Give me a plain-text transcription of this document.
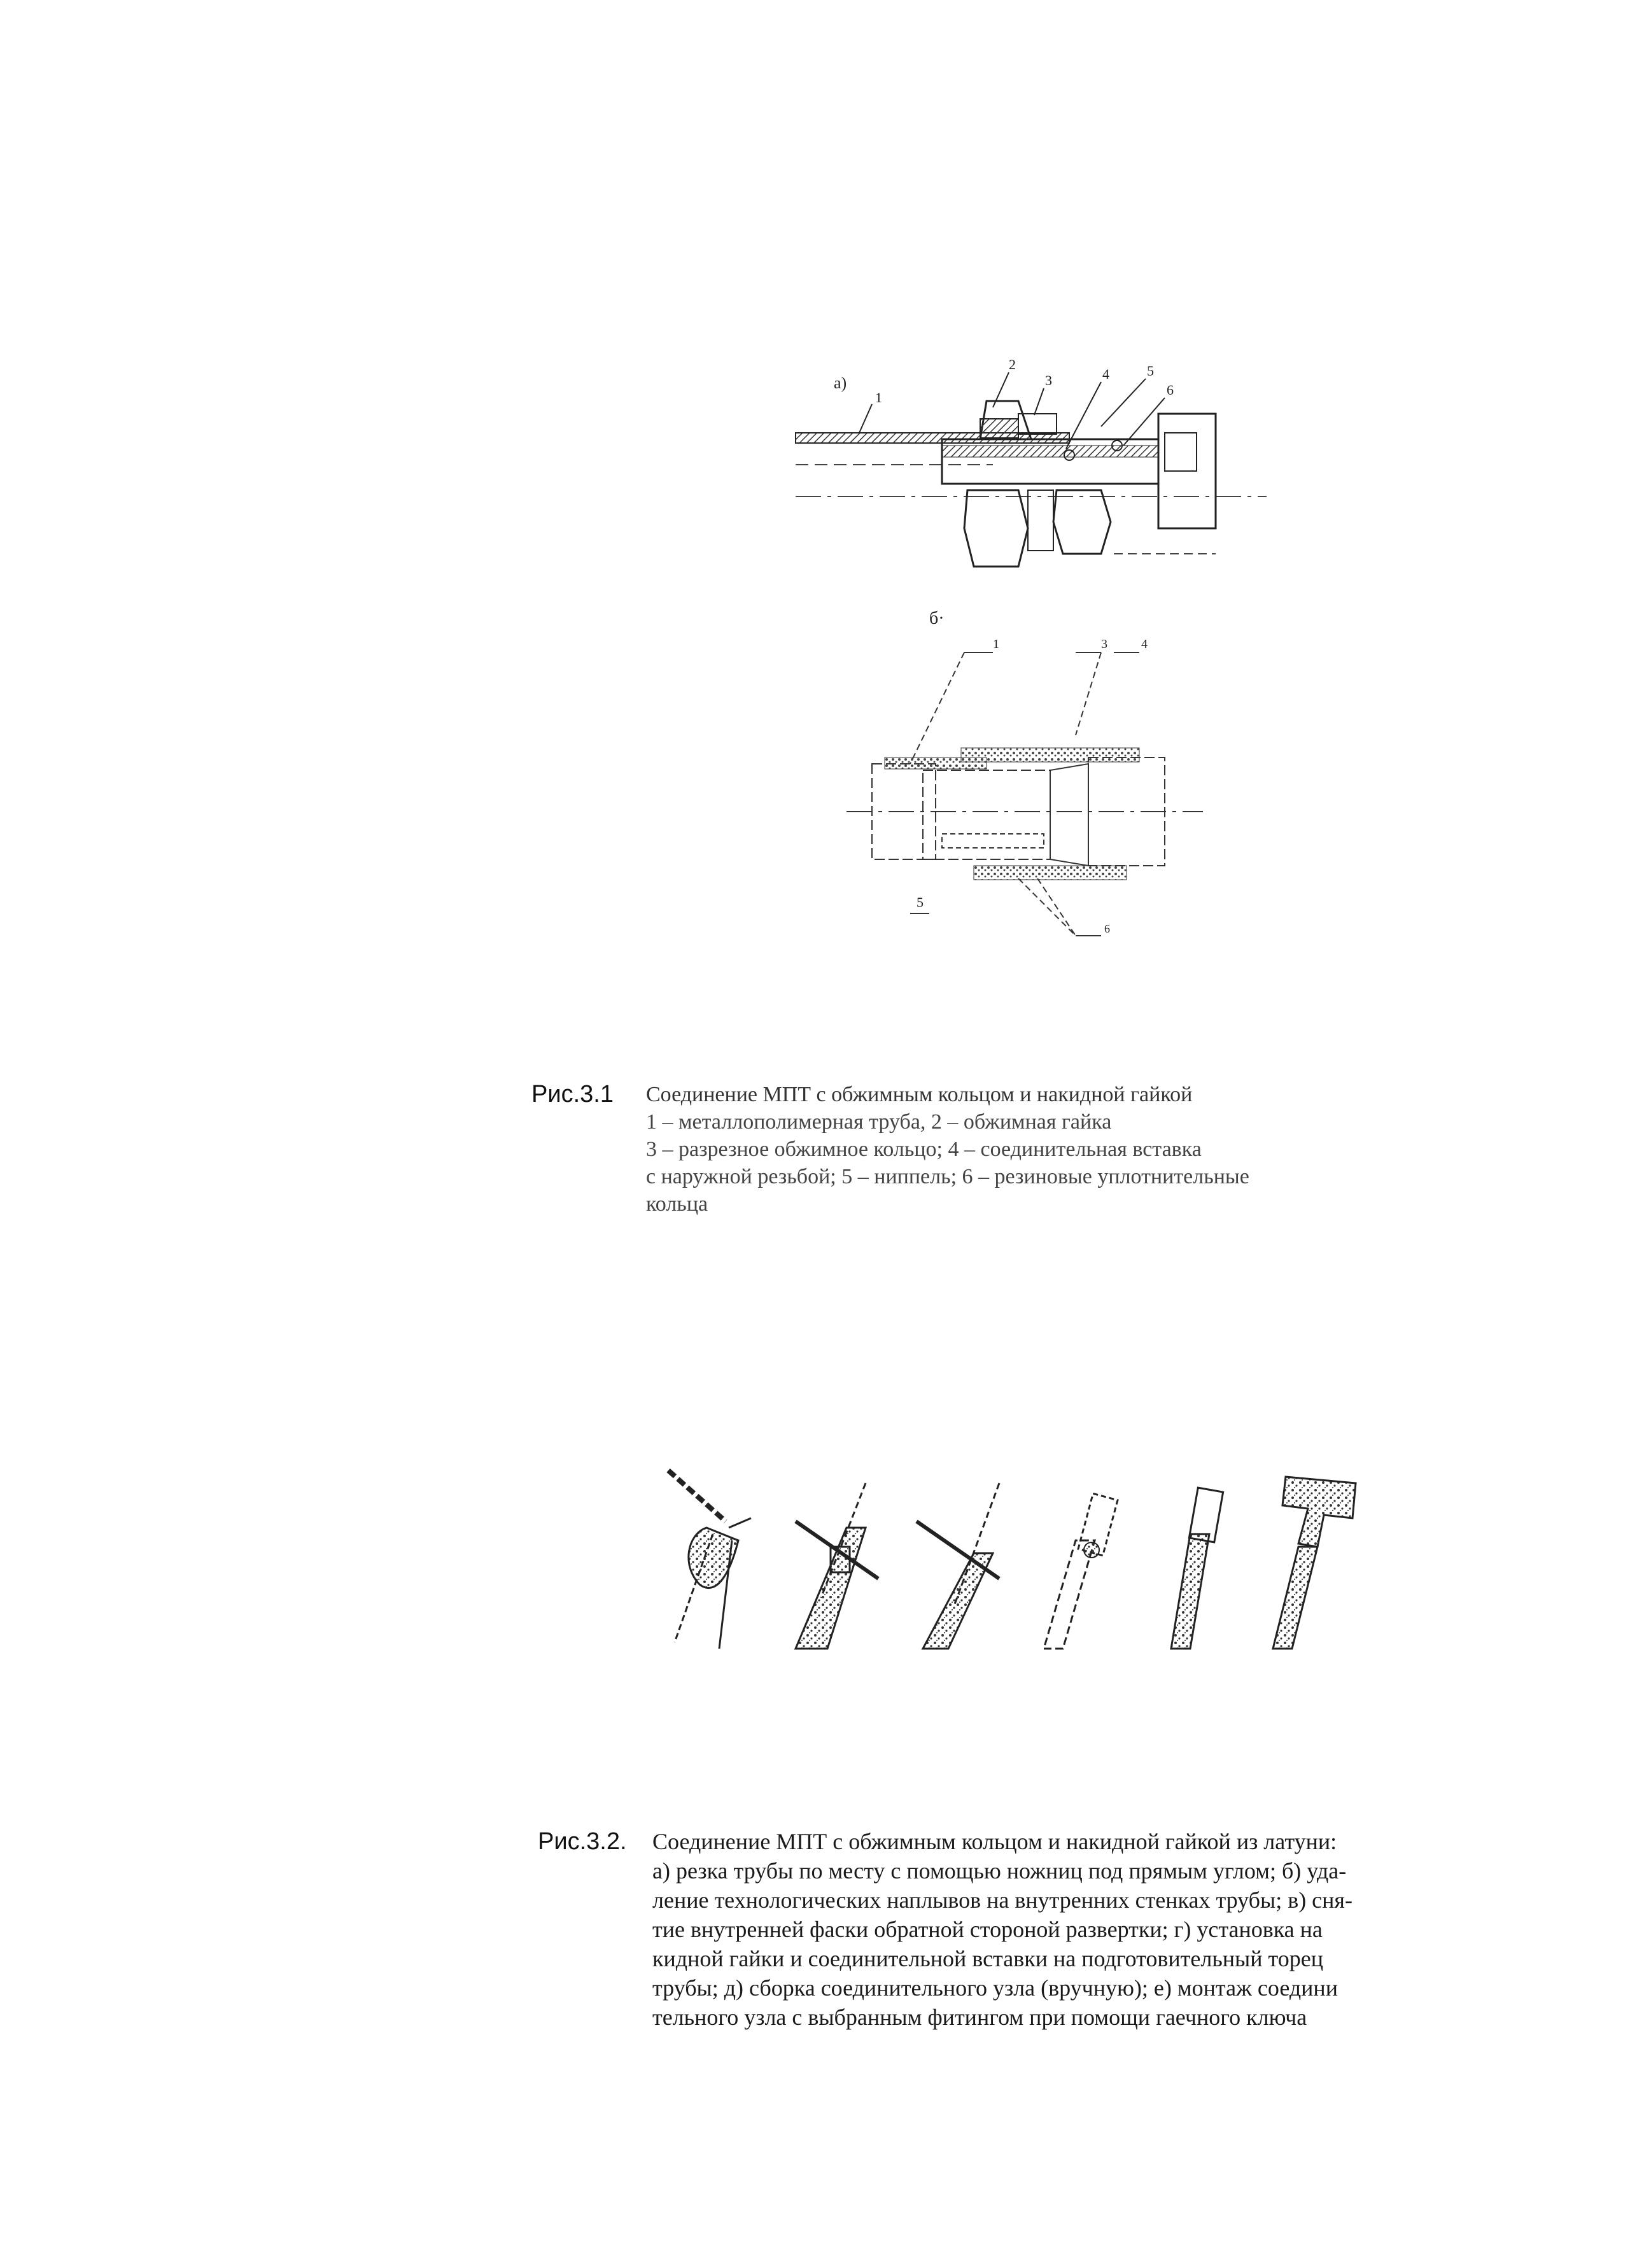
а)
1
2
3	4	5
6
б·
1	3	4
5
6
Рис.3.1	Соединение МПТ с обжимным кольцом и накидной гайкой
1 – металлополимерная труба, 2 – обжимная гайка
3 – разрезное обжимное кольцо; 4 – соединительная вставка
с наружной резьбой; 5 – ниппель; 6 – резиновые уплотнительные
кольца
Рис.3.2.	Соединение МПТ с обжимным кольцом и накидной гайкой из латуни:
а) резка трубы по месту с помощью ножниц под прямым углом; б) уда-
ление технологических наплывов на внутренних стенках трубы; в) сня-
тие внутренней фаски обратной стороной развертки; г) установка на
кидной гайки и соединительной вставки на подготовительный торец
трубы; д) сборка соединительного узла (вручную); е) монтаж соедини
тельного узла с выбранным фитингом при помощи гаечного ключа
